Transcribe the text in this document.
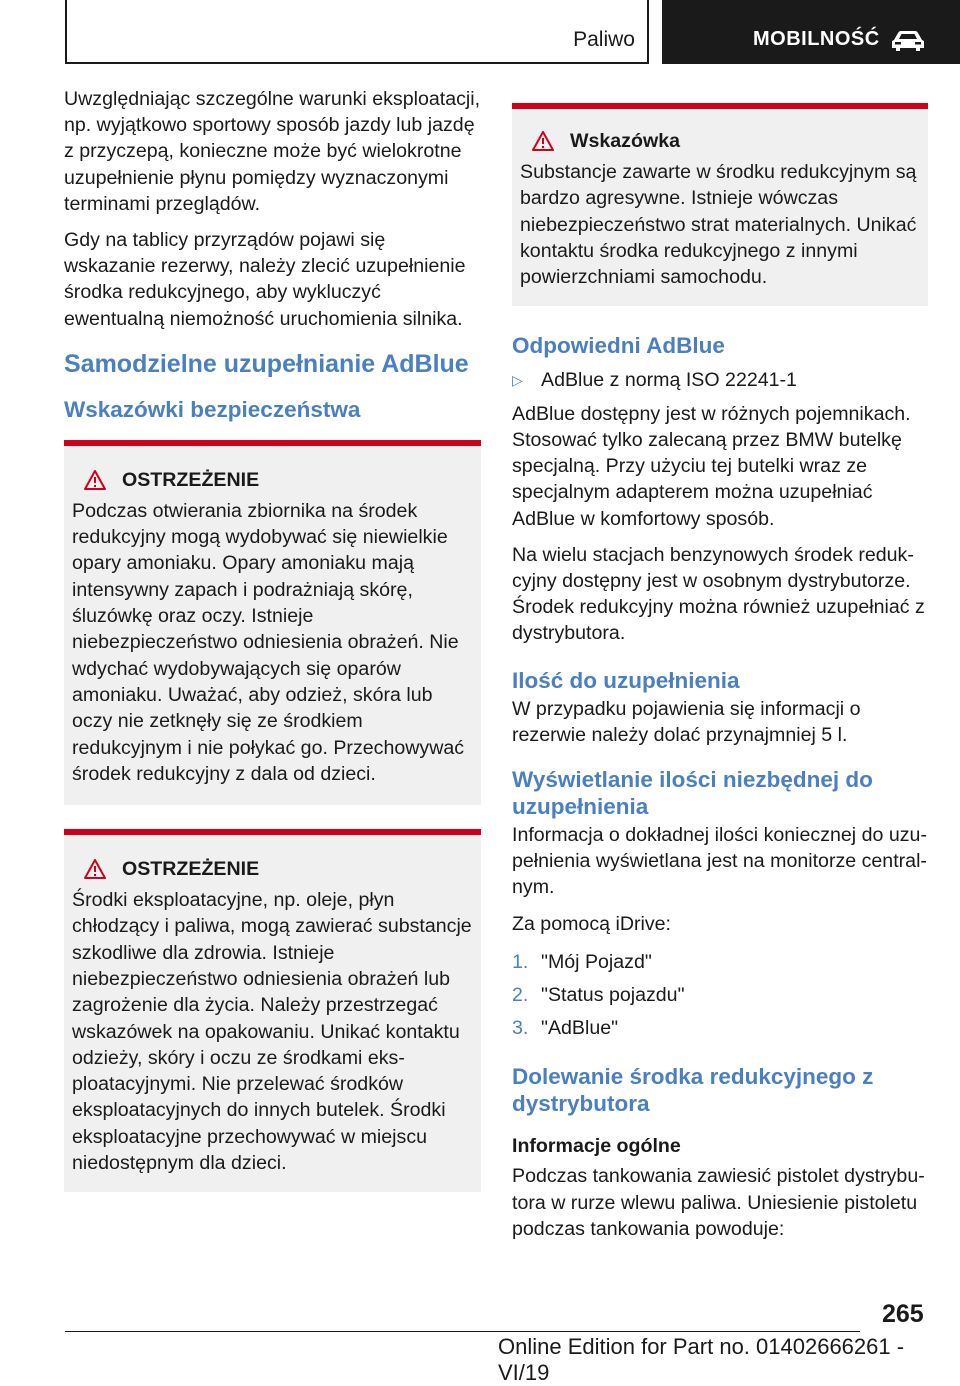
Paliwo	MOBILNOŚĆ

Uwzględniając szczególne warunki eksploatacji, np. wyjątkowo sportowy sposób jazdy lub jazdę z przyczepą, konieczne może być wielokrotne uzupełnienie płynu pomiędzy wyznaczonymi terminami przeglądów.

Gdy na tablicy przyrządów pojawi się wskazanie rezerwy, należy zlecić uzupełnienie środka redukcyjnego, aby wykluczyć ewentualną niemożność uruchomienia silnika.

Samodzielne uzupełnianie AdBlue
Wskazówki bezpieczeństwa
OSTRZEŻENIE

Podczas otwierania zbiornika na środek redukcyjny mogą wydobywać się niewielkie opary amoniaku. Opary amoniaku mają intensywny zapach i podrażniają skórę, śluzówkę oraz oczy. Istnieje niebezpieczeństwo odniesienia obrażeń. Nie wdychać wydobywających się oparów amoniaku. Uważać, aby odzież, skóra lub oczy nie zetknęły się ze środkiem redukcyjnym i nie połykać go. Przechowywać środek redukcyjny z dala od dzieci.

OSTRZEŻENIE

Środki eksploatacyjne, np. oleje, płyn chłodzący i paliwa, mogą zawierać substancje szkodliwe dla zdrowia. Istnieje niebezpieczeństwo odniesienia obrażeń lub zagrożenie dla życia. Należy przestrzegać wskazówek na opakowaniu. Unikać kontaktu odzieży, skóry i oczu ze środkami eksploatacyjnymi. Nie przelewać środków eksploatacyjnych do innych butelek. Środki eksploatacyjne przechowywać w miejscu niedostępnym dla dzieci.

Wskazówka

Substancje zawarte w środku redukcyjnym są bardzo agresywne. Istnieje wówczas niebezpieczeństwo strat materialnych. Unikać kontaktu środka redukcyjnego z innymi powierzchniami samochodu.

Odpowiedni AdBlue
▷ AdBlue z normą ISO 22241-1

AdBlue dostępny jest w różnych pojemnikach. Stosować tylko zalecaną przez BMW butelkę specjalną. Przy użyciu tej butelki wraz ze specjalnym adapterem można uzupełniać AdBlue w komfortowy sposób.

Na wielu stacjach benzynowych środek redukcyjny dostępny jest w osobnym dystrybutorze. Środek redukcyjny można również uzupełniać z dystrybutora.

Ilość do uzupełnienia

W przypadku pojawienia się informacji o rezerwie należy dolać przynajmniej 5 l.

Wyświetlanie ilości niezbędnej do uzupełnienia

Informacja o dokładnej ilości koniecznej do uzupełnienia wyświetlana jest na monitorze centralnym.

Za pomocą iDrive:

1. "Mój Pojazd"
2. "Status pojazdu"
3. "AdBlue"
Dolewanie środka redukcyjnego z dystrybutora
Informacje ogólne

Podczas tankowania zawiesić pistolet dystrybutora w rurze wlewu paliwa. Uniesienie pistoletu podczas tankowania powoduje:

265
Online Edition for Part no. 01402666261 - VI/19
